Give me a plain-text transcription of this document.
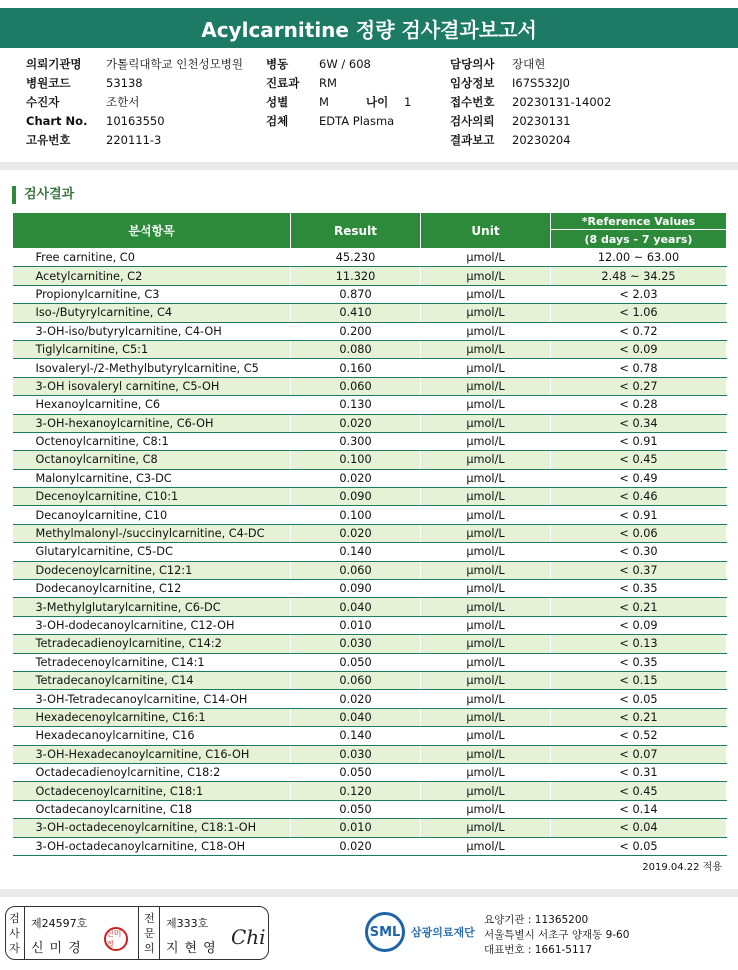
Acylcarnitine 정량 검사결과보고서
의뢰기관명	가톨릭대학교 인천성모병원
병원코드	53138
수진자	조한서
Chart No.	10163550
고유번호	220111-3
병동	6W / 608
진료과	RM
성별	M
검체	EDTA Plasma
담당의사	장대현
임상정보	I67S532J0
접수번호	20230131-14002
검사의뢰	20230131
결과보고	20230204
나이	1
검사결과
분석항목	Result	Unit	*Reference Values
			(8 days - 7 years)
Free carnitine, C0	45.230	µmol/L	12.00 ~ 63.00
Acetylcarnitine, C2	11.320	µmol/L	2.48 ~ 34.25
Propionylcarnitine, C3	0.870	µmol/L	< 2.03
Iso-/Butyrylcarnitine, C4	0.410	µmol/L	< 1.06
3-OH-iso/butyrylcarnitine, C4-OH	0.200	µmol/L	< 0.72
Tiglylcarnitine, C5:1	0.080	µmol/L	< 0.09
Isovaleryl-/2-Methylbutyrylcarnitine, C5	0.160	µmol/L	< 0.78
3-OH isovaleryl carnitine, C5-OH	0.060	µmol/L	< 0.27
Hexanoylcarnitine, C6	0.130	µmol/L	< 0.28
3-OH-hexanoylcarnitine, C6-OH	0.020	µmol/L	< 0.34
Octenoylcarnitine, C8:1	0.300	µmol/L	< 0.91
Octanoylcarnitine, C8	0.100	µmol/L	< 0.45
Malonylcarnitine, C3-DC	0.020	µmol/L	< 0.49
Decenoylcarnitine, C10:1	0.090	µmol/L	< 0.46
Decanoylcarnitine, C10	0.100	µmol/L	< 0.91
Methylmalonyl-/succinylcarnitine, C4-DC	0.020	µmol/L	< 0.06
Glutarylcarnitine, C5-DC	0.140	µmol/L	< 0.30
Dodecenoylcarnitine, C12:1	0.060	µmol/L	< 0.37
Dodecanoylcarnitine, C12	0.090	µmol/L	< 0.35
3-Methylglutarylcarnitine, C6-DC	0.040	µmol/L	< 0.21
3-OH-dodecanoylcarnitine, C12-OH	0.010	µmol/L	< 0.09
Tetradecadienoylcarnitine, C14:2	0.030	µmol/L	< 0.13
Tetradecenoylcarnitine, C14:1	0.050	µmol/L	< 0.35
Tetradecanoylcarnitine, C14	0.060	µmol/L	< 0.15
3-OH-Tetradecanoylcarnitine, C14-OH	0.020	µmol/L	< 0.05
Hexadecenoylcarnitine, C16:1	0.040	µmol/L	< 0.21
Hexadecanoylcarnitine, C16	0.140	µmol/L	< 0.52
3-OH-Hexadecanoylcarnitine, C16-OH	0.030	µmol/L	< 0.07
Octadecadienoylcarnitine, C18:2	0.050	µmol/L	< 0.31
Octadecenoylcarnitine, C18:1	0.120	µmol/L	< 0.45
Octadecanoylcarnitine, C18	0.050	µmol/L	< 0.14
3-OH-octadecenoylcarnitine, C18:1-OH	0.010	µmol/L	< 0.04
3-OH-octadecanoylcarnitine, C18-OH	0.020	µmol/L	< 0.05
2019.04.22 적용
검
사
자
제24597호
신미경
신미경
전
문
의
제333호
지현영 Chi	SML 삼광의료재단
요양기관 : 11365200
서울특별시 서초구 양재동 9-60
대표번호 : 1661-5117
